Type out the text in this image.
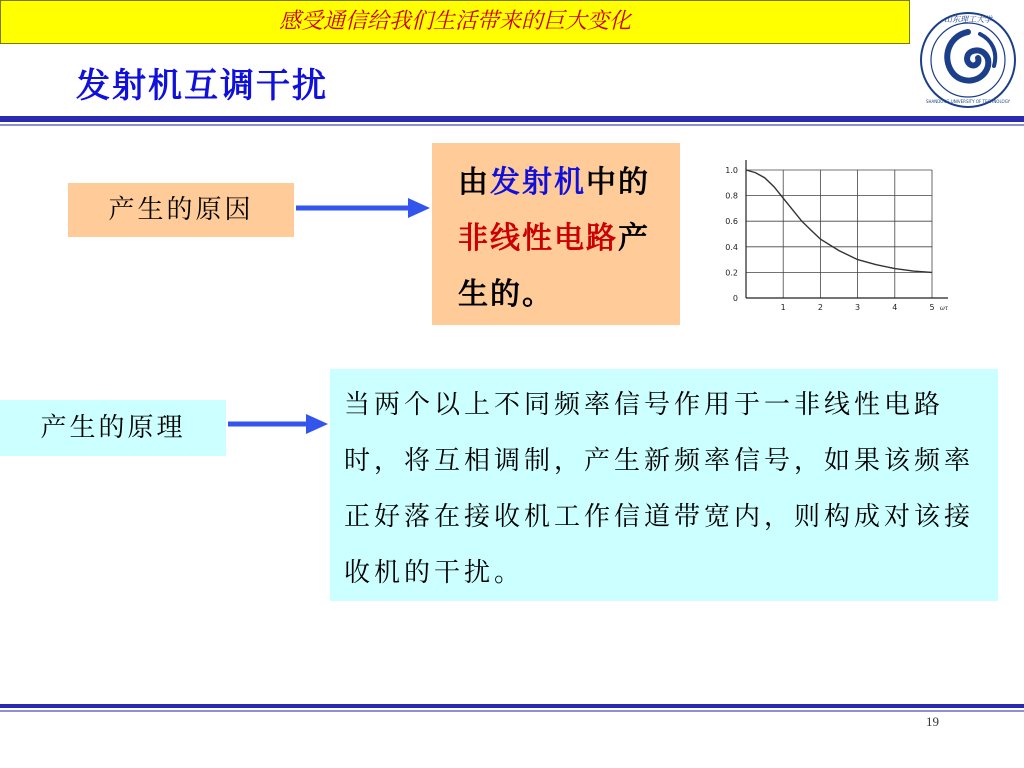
感受通信给我们生活带来的巨大变化
发射机互调干扰
山东理工大学
SHANDONG UNIVERSITY OF TECHNOLOGY
产生的原因
由发射机中的非线性电路产生的。	0
0.2
0.4
0.6
0.8
1.0
1	2	3	4	5 ωτ
产生的原理
当两个以上不同频率信号作用于一非线性电路时，将互相调制，产生新频率信号，如果该频率正好落在接收机工作信道带宽内，则构成对该接收机的干扰。
19
